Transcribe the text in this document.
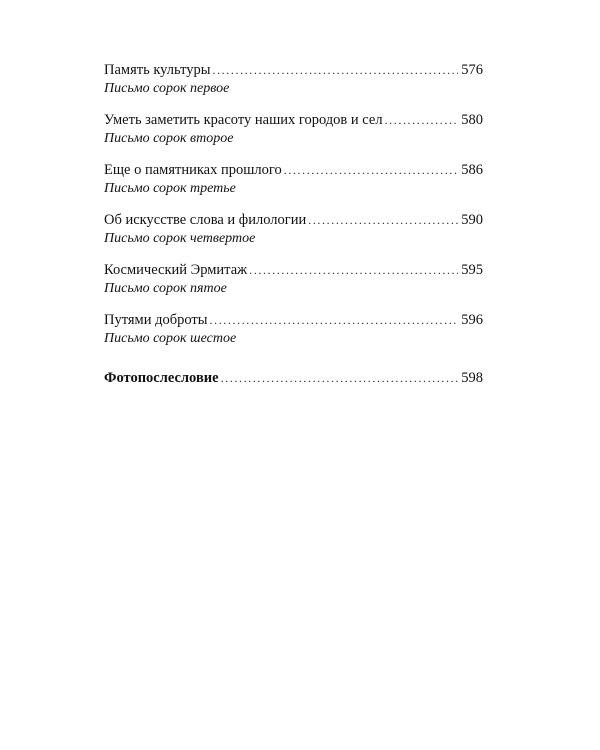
Память культуры .....	576
Письмо сорок первое
Уметь заметить красоту наших городов и сел .....	580
Письмо сорок второе
Еще о памятниках прошлого .....	586
Письмо сорок третье
Об искусстве слова и филологии .....	590
Письмо сорок четвертое
Космический Эрмитаж .....	595
Письмо сорок пятое
Путями доброты .....	596
Письмо сорок шестое
Фотопослесловие .....	598
